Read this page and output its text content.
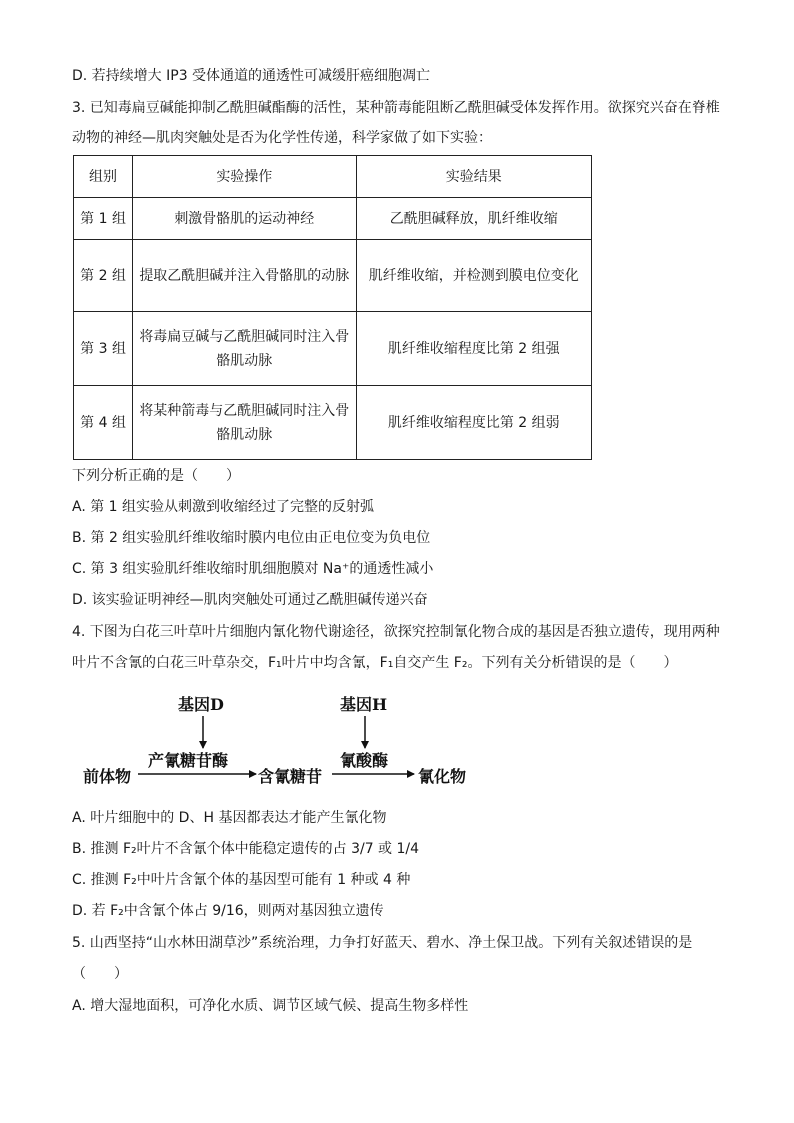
D. 若持续增大 IP3 受体通道的通透性可减缓肝癌细胞凋亡
3. 已知毒扁豆碱能抑制乙酰胆碱酯酶的活性，某种箭毒能阻断乙酰胆碱受体发挥作用。欲探究兴奋在脊椎
动物的神经—肌肉突触处是否为化学性传递，科学家做了如下实验：
组别	实验操作	实验结果
第 1 组	刺激骨骼肌的运动神经	乙酰胆碱释放，肌纤维收缩
第 2 组	提取乙酰胆碱并注入骨骼肌的动脉	肌纤维收缩，并检测到膜电位变化
第 3 组	将毒扁豆碱与乙酰胆碱同时注入骨骼肌动脉	肌纤维收缩程度比第 2 组强
第 4 组	将某种箭毒与乙酰胆碱同时注入骨骼肌动脉	肌纤维收缩程度比第 2 组弱
下列分析正确的是（　　）
A. 第 1 组实验从刺激到收缩经过了完整的反射弧
B. 第 2 组实验肌纤维收缩时膜内电位由正电位变为负电位
C. 第 3 组实验肌纤维收缩时肌细胞膜对 Na⁺的通透性减小
D. 该实验证明神经—肌肉突触处可通过乙酰胆碱传递兴奋
4. 下图为白花三叶草叶片细胞内氰化物代谢途径，欲探究控制氰化物合成的基因是否独立遗传，现用两种
叶片不含氰的白花三叶草杂交，F₁叶片中均含氰，F₁自交产生 F₂。下列有关分析错误的是（　　）
基因D	基因H
产氰糖苷酶	氰酸酶
前体物	含氰糖苷	氰化物
A. 叶片细胞中的 D、H 基因都表达才能产生氰化物
B. 推测 F₂叶片不含氰个体中能稳定遗传的占 3/7 或 1/4
C. 推测 F₂中叶片含氰个体的基因型可能有 1 种或 4 种
D. 若 F₂中含氰个体占 9/16，则两对基因独立遗传
5. 山西坚持“山水林田湖草沙”系统治理，力争打好蓝天、碧水、净土保卫战。下列有关叙述错误的是
（　　）
A. 增大湿地面积，可净化水质、调节区域气候、提高生物多样性
